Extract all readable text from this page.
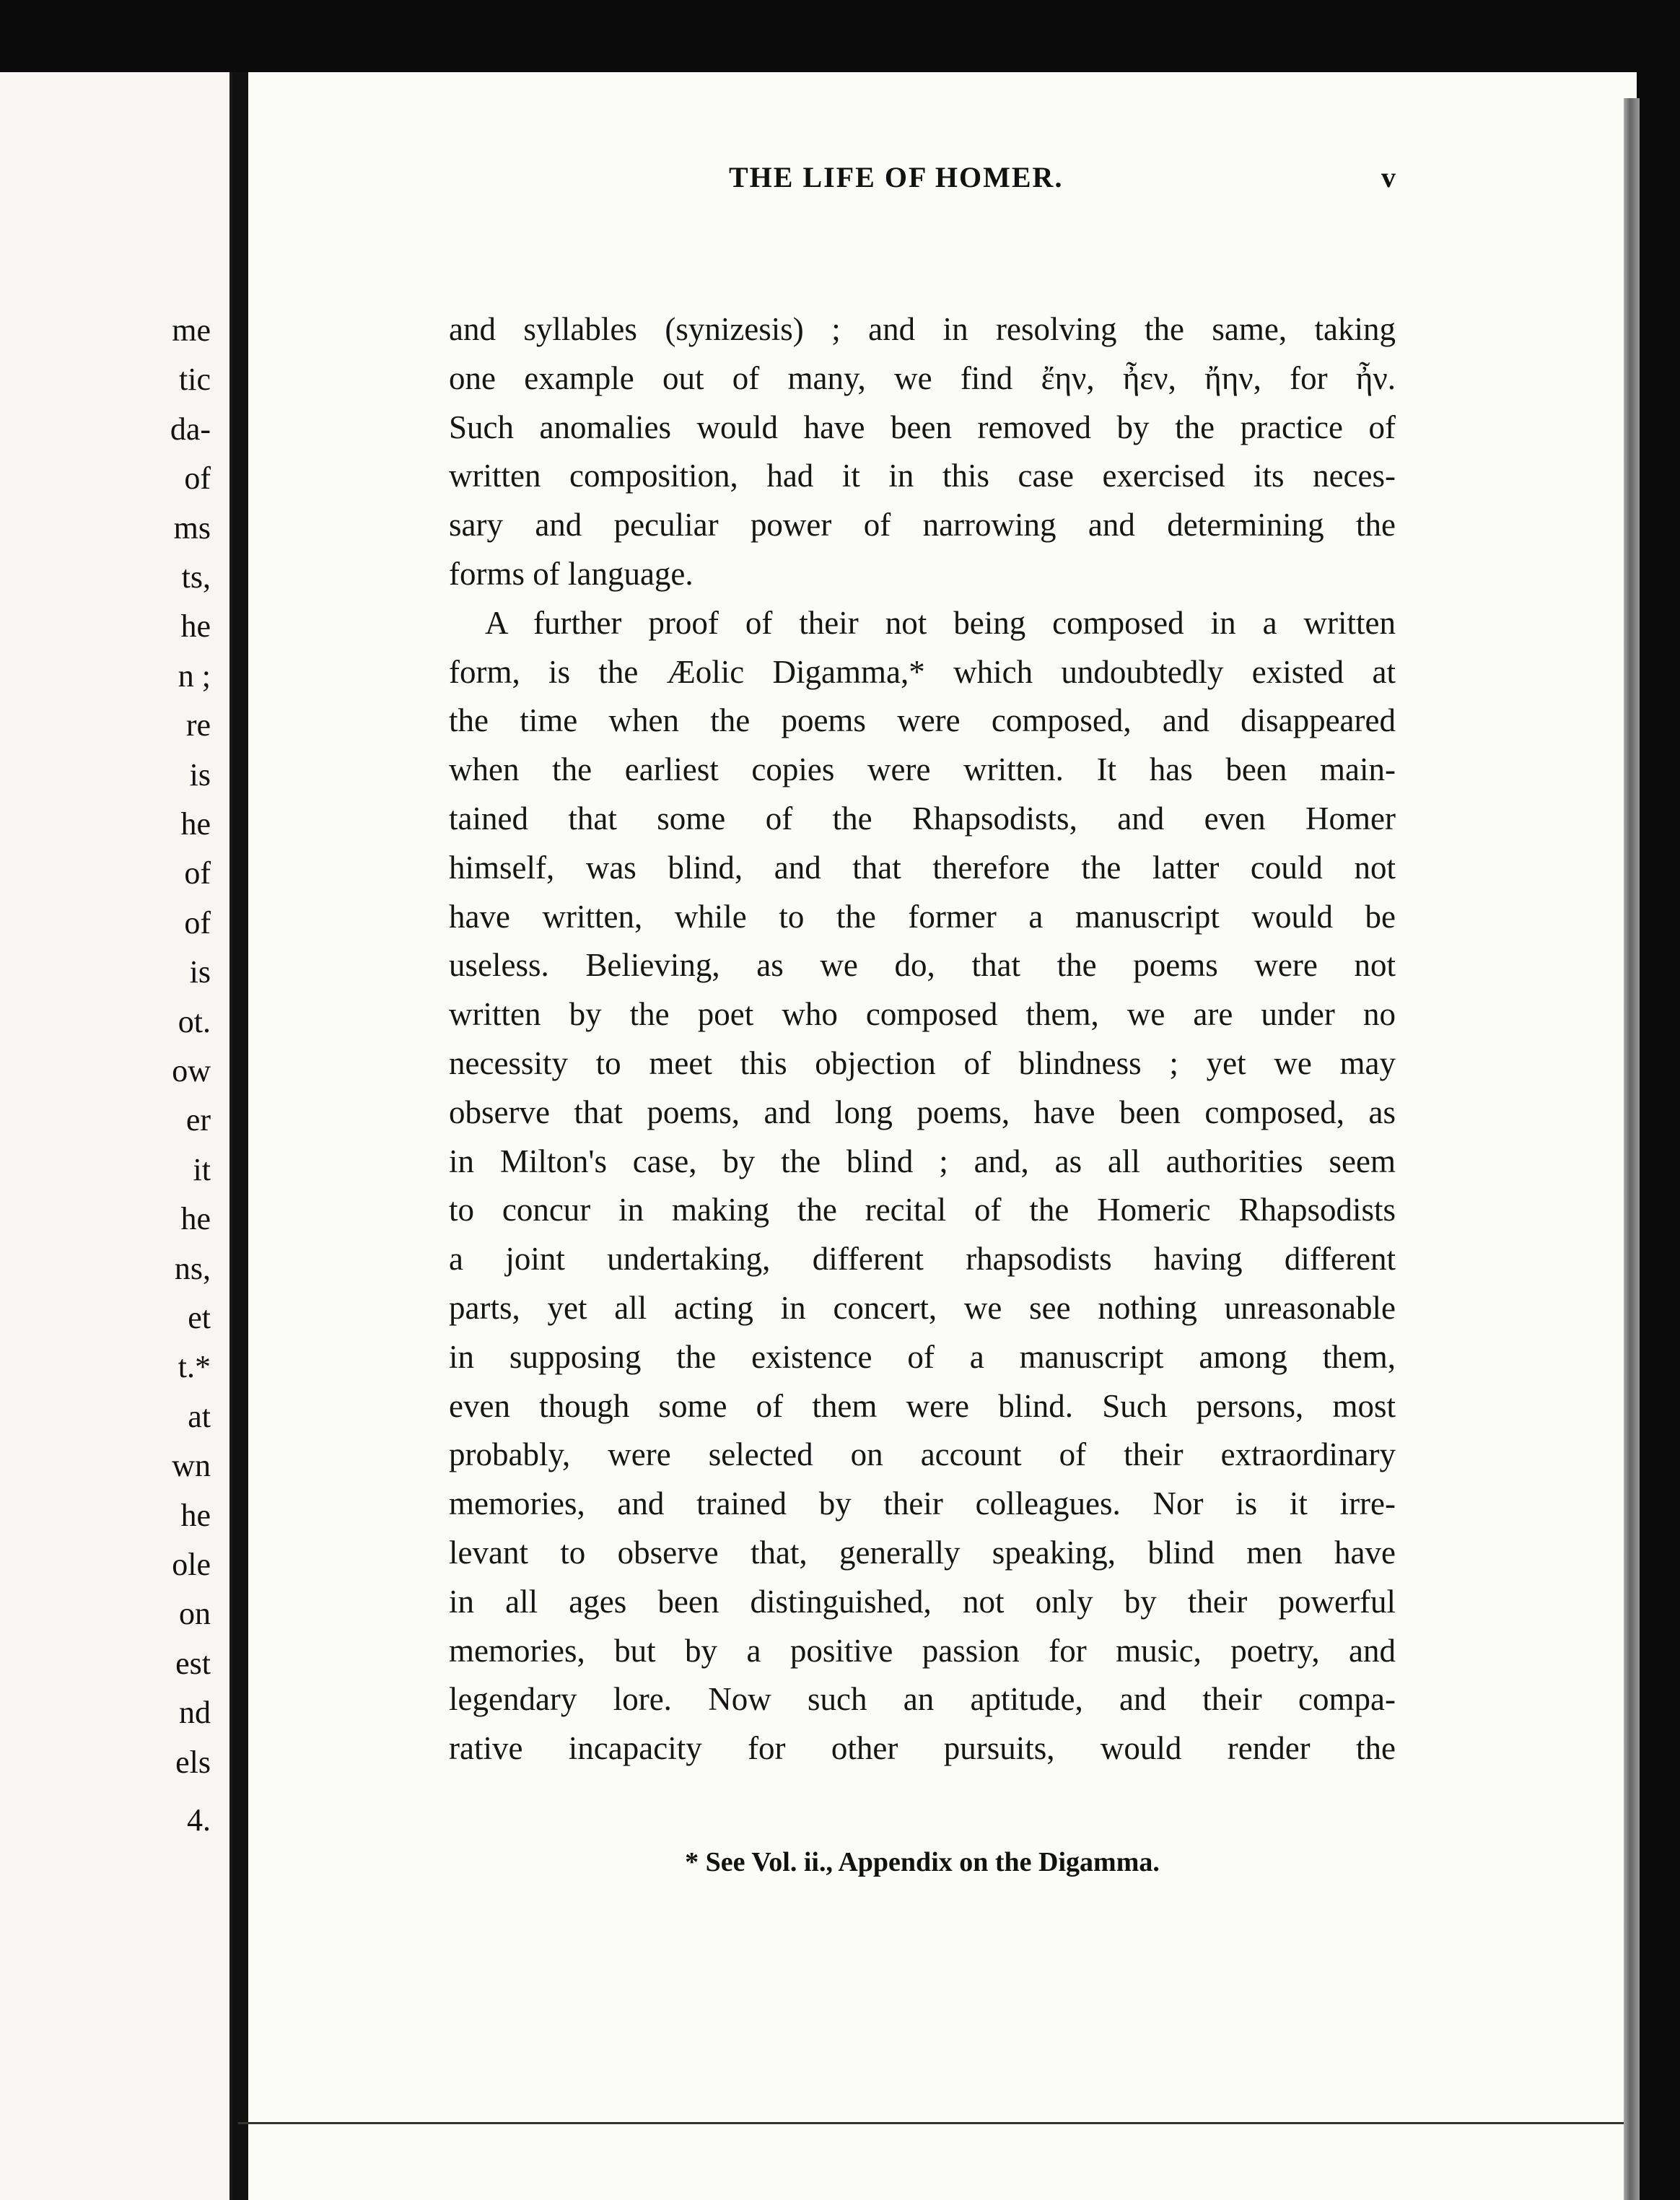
me
tic
da-
of
ms
ts,
he
n ;
re
is
he
of
of
is
ot.
ow
er
it
he
ns,
et
t.*
at
wn
he
ole
on
est
nd
els
4.
THE LIFE OF HOMER.	v
and syllables (synizesis) ; and in resolving the same, taking
one example out of many, we find ἔην, ἦεν, ἤην, for ἦν.
Such anomalies would have been removed by the practice of
written composition, had it in this case exercised its neces-
sary and peculiar power of narrowing and determining the
forms of language.
A further proof of their not being composed in a written
form, is the Æolic Digamma,* which undoubtedly existed at
the time when the poems were composed, and disappeared
when the earliest copies were written. It has been main-
tained that some of the Rhapsodists, and even Homer
himself, was blind, and that therefore the latter could not
have written, while to the former a manuscript would be
useless. Believing, as we do, that the poems were not
written by the poet who composed them, we are under no
necessity to meet this objection of blindness ; yet we may
observe that poems, and long poems, have been composed, as
in Milton's case, by the blind ; and, as all authorities seem
to concur in making the recital of the Homeric Rhapsodists
a joint undertaking, different rhapsodists having different
parts, yet all acting in concert, we see nothing unreasonable
in supposing the existence of a manuscript among them,
even though some of them were blind. Such persons, most
probably, were selected on account of their extraordinary
memories, and trained by their colleagues. Nor is it irre-
levant to observe that, generally speaking, blind men have
in all ages been distinguished, not only by their powerful
memories, but by a positive passion for music, poetry, and
legendary lore. Now such an aptitude, and their compa-
rative incapacity for other pursuits, would render the
* See Vol. ii., Appendix on the Digamma.
